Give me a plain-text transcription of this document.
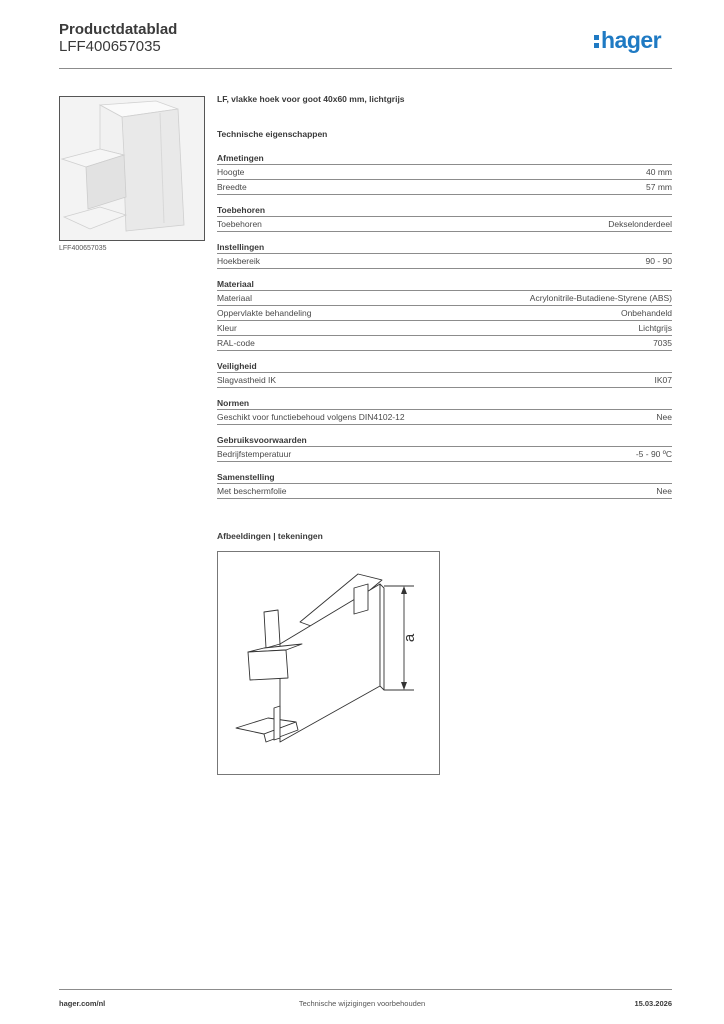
Productdatablad
LFF400657035	hager
LFF400657035
LF, vlakke hoek voor goot 40x60 mm, lichtgrijs
Technische eigenschappen
Afmetingen
Hoogte	40 mm
Breedte	57 mm
Toebehoren
Toebehoren	Dekselonderdeel
Instellingen
Hoekbereik	90 - 90
Materiaal
Materiaal	Acrylonitrile-Butadiene-Styrene (ABS)
Oppervlakte behandeling	Onbehandeld
Kleur	Lichtgrijs
RAL-code	7035
Veiligheid
Slagvastheid IK	IK07
Normen
Geschikt voor functiebehoud volgens DIN4102-12	Nee
Gebruiksvoorwaarden
Bedrijfstemperatuur	-5 - 90 ºC
Samenstelling
Met beschermfolie	Nee
Afbeeldingen | tekeningen
a
hager.com/nl	Technische wijzigingen voorbehouden	15.03.2026
